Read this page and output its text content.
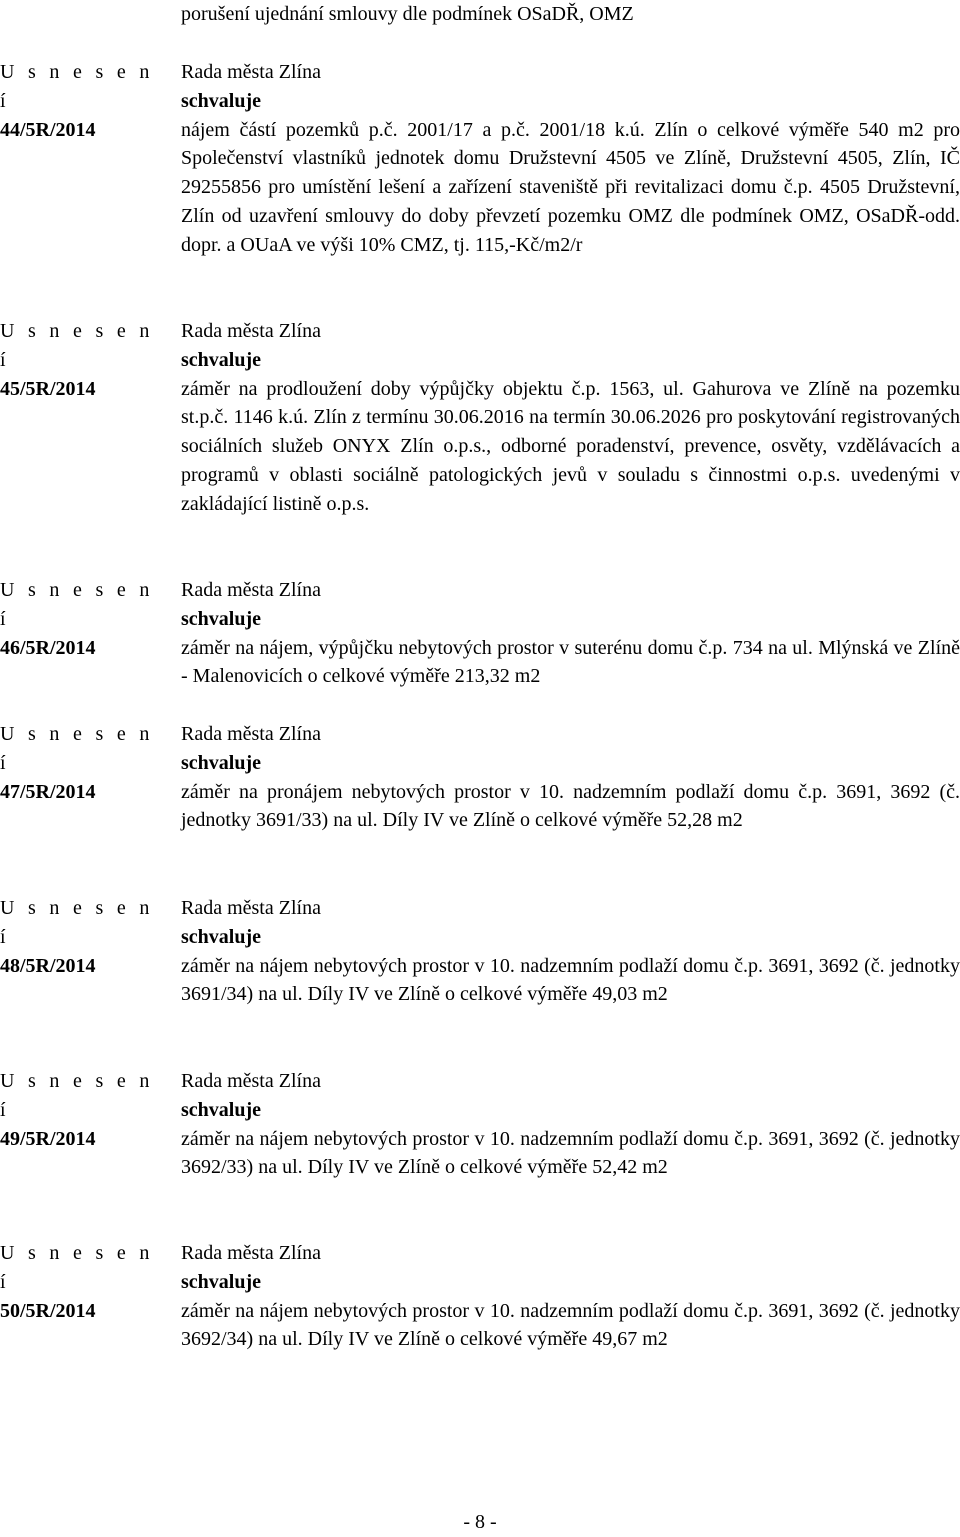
porušení ujednání smlouvy dle podmínek OSaDŘ, OMZ
U s n e s e n í
44/5R/2014
Rada města Zlína
schvaluje
nájem částí pozemků p.č. 2001/17 a p.č. 2001/18 k.ú. Zlín o celkové výměře 540 m2 pro Společenství vlastníků jednotek domu Družstevní 4505 ve Zlíně, Družstevní 4505, Zlín, IČ 29255856 pro umístění lešení a zařízení staveniště při revitalizaci domu č.p. 4505 Družstevní, Zlín od uzavření smlouvy do doby převzetí pozemku OMZ dle podmínek OMZ, OSaDŘ-odd. dopr. a OUaA ve výši 10% CMZ, tj. 115,-Kč/m2/r
U s n e s e n í
45/5R/2014
Rada města Zlína
schvaluje
záměr na prodloužení doby výpůjčky objektu č.p. 1563, ul. Gahurova ve Zlíně na pozemku st.p.č. 1146 k.ú. Zlín z termínu 30.06.2016 na termín 30.06.2026 pro poskytování registrovaných sociálních služeb ONYX Zlín o.p.s., odborné poradenství, prevence, osvěty, vzdělávacích a programů v oblasti sociálně patologických jevů v souladu s činnostmi o.p.s. uvedenými v zakládající listině o.p.s.
U s n e s e n í
46/5R/2014
Rada města Zlína
schvaluje
záměr na nájem, výpůjčku nebytových prostor v suterénu domu č.p. 734 na ul. Mlýnská ve Zlíně - Malenovicích o celkové výměře 213,32 m2
U s n e s e n í
47/5R/2014
Rada města Zlína
schvaluje
záměr na pronájem nebytových prostor v 10. nadzemním podlaží domu č.p. 3691, 3692 (č. jednotky 3691/33) na ul. Díly IV ve Zlíně o celkové výměře 52,28 m2
U s n e s e n í
48/5R/2014
Rada města Zlína
schvaluje
záměr na nájem nebytových prostor v 10. nadzemním podlaží domu č.p. 3691, 3692 (č. jednotky 3691/34) na ul. Díly IV ve Zlíně o celkové výměře 49,03 m2
U s n e s e n í
49/5R/2014
Rada města Zlína
schvaluje
záměr na nájem nebytových prostor v 10. nadzemním podlaží domu č.p. 3691, 3692 (č. jednotky 3692/33) na ul. Díly IV ve Zlíně o celkové výměře 52,42 m2
U s n e s e n í
50/5R/2014
Rada města Zlína
schvaluje
záměr na nájem nebytových prostor v 10. nadzemním podlaží domu č.p. 3691, 3692 (č. jednotky 3692/34) na ul. Díly IV ve Zlíně o celkové výměře 49,67 m2
- 8 -
